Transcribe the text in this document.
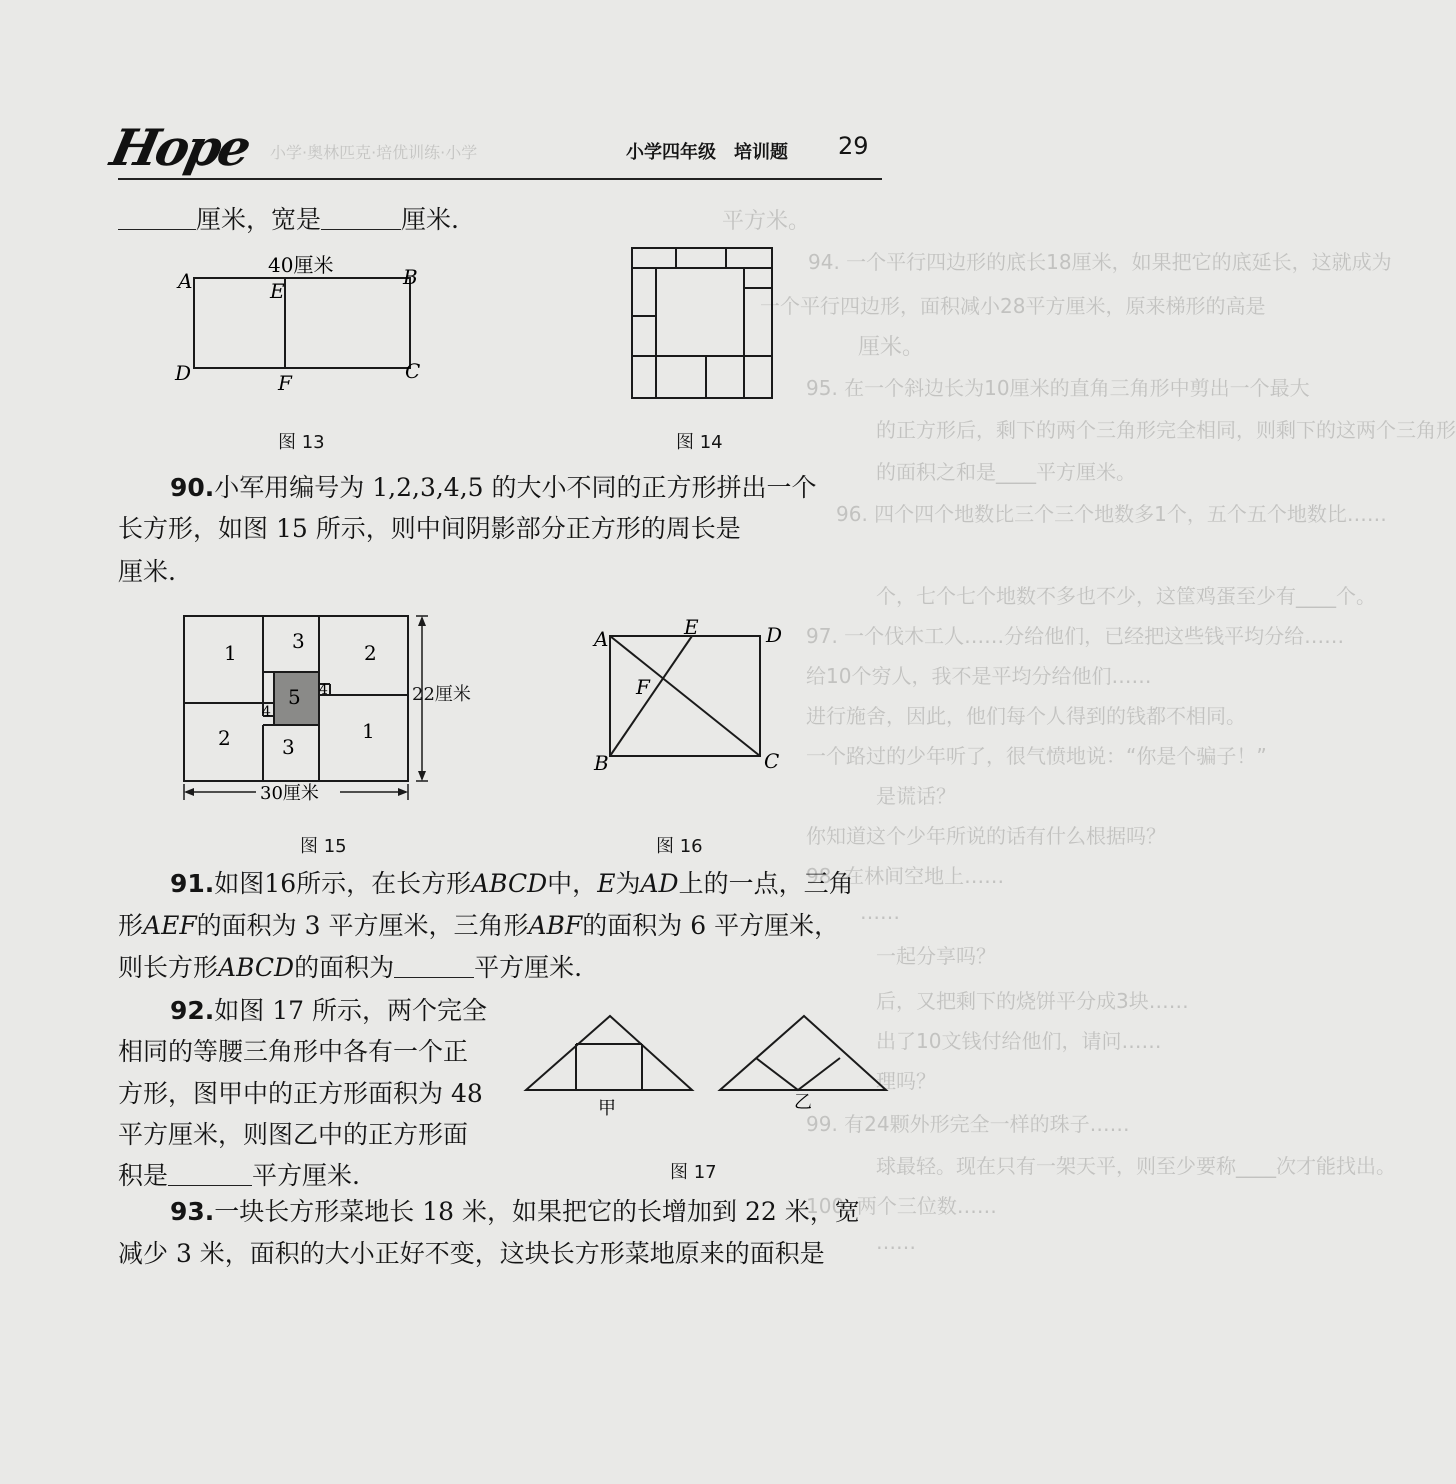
平方米。
94. 一个平行四边形的底长18厘米，如果把它的底延长，这就成为
一个平行四边形，面积减小28平方厘米，原来梯形的高是
厘米。
95. 在一个斜边长为10厘米的直角三角形中剪出一个最大
的正方形后，剩下的两个三角形完全相同，则剩下的这两个三角形
的面积之和是____平方厘米。
96. 四个四个地数比三个三个地数多1个，五个五个地数比……
个，七个七个地数不多也不少，这筐鸡蛋至少有____个。
97. 一个伐木工人……分给他们，已经把这些钱平均分给……
给10个穷人，我不是平均分给他们……
进行施舍，因此，他们每个人得到的钱都不相同。
一个路过的少年听了，很气愤地说：“你是个骗子！”
是谎话？
你知道这个少年所说的话有什么根据吗？
98. 在林间空地上……
……
一起分享吗？
后，又把剩下的烧饼平分成3块……
出了10文钱付给他们，请问……
理吗？
99. 有24颗外形完全一样的珠子……
球最轻。现在只有一架天平，则至少要称____次才能找出。
100. 两个三位数……
……
Hope 小学·奥林匹克·培优训练·小学	小学四年级　培训题 29
厘米，宽是	厘米.
40厘米
A	B
E
D	C
F
图 13	图 14
90.小军用编号为 1,2,3,4,5 的大小不同的正方形拼出一个
长方形，如图 15 所示，则中间阴影部分正方形的周长是
厘米.
1	3	2
4
5
4
2	3
1
30厘米
22厘米
图 15
A	E	D
F
B	C
图 16
91.如图16所示，在长方形ABCD中，E为AD上的一点，三角
形AEF的面积为 3 平方厘米，三角形ABF的面积为 6 平方厘米，
则长方形ABCD的面积为	平方厘米.
92.如图 17 所示，两个完全
相同的等腰三角形中各有一个正
方形，图甲中的正方形面积为 48
平方厘米，则图乙中的正方形面
积是	平方厘米.
甲	乙
图 17
93.一块长方形菜地长 18 米，如果把它的长增加到 22 米，宽
减少 3 米，面积的大小正好不变，这块长方形菜地原来的面积是
